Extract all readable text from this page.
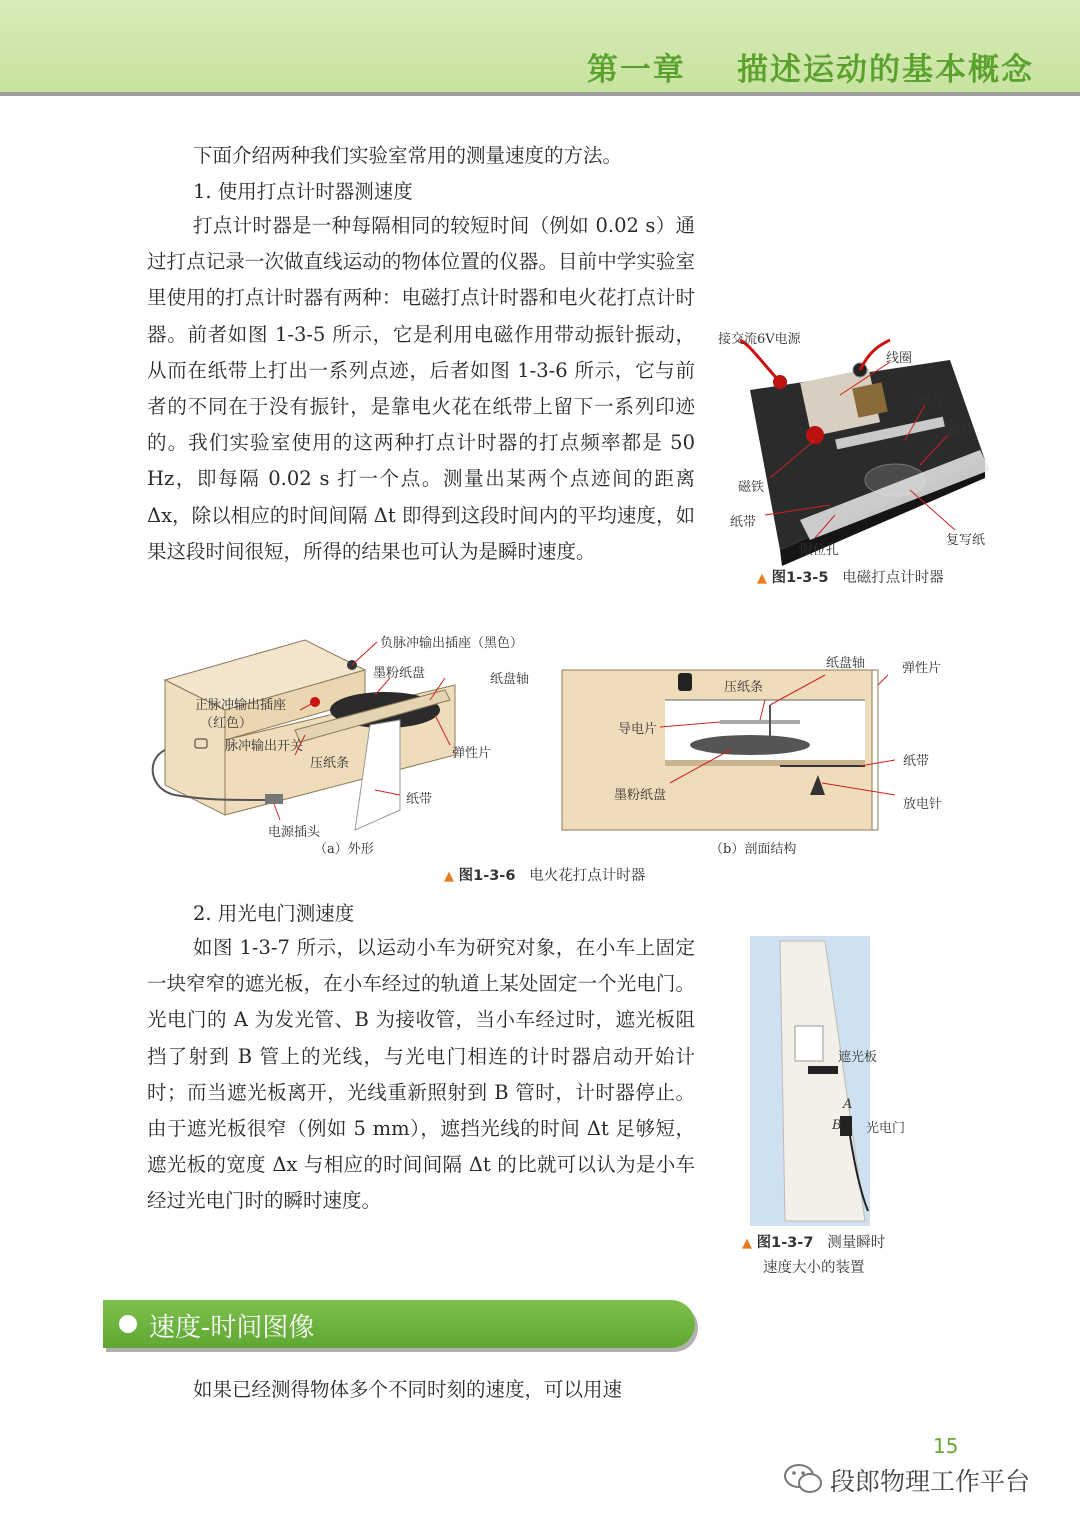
第一章    描述运动的基本概念

下面介绍两种我们实验室常用的测量速度的方法。

1. 使用打点计时器测速度

打点计时器是一种每隔相同的较短时间（例如 0.02 s）通过打点记录一次做直线运动的物体位置的仪器。目前中学实验室里使用的打点计时器有两种：电磁打点计时器和电火花打点计时器。前者如图 1-3-5 所示，它是利用电磁作用带动振针振动，从而在纸带上打出一系列点迹，后者如图 1-3-6 所示，它与前者的不同在于没有振针，是靠电火花在纸带上留下一系列印迹的。我们实验室使用的这两种打点计时器的打点频率都是 50 Hz，即每隔 0.02 s 打一个点。测量出某两个点迹间的距离 Δx，除以相应的时间间隔 Δt 即得到这段时间内的平均速度，如果这段时间很短，所得的结果也可认为是瞬时速度。

接交流6V电源
线圈
振片
振针
磁铁
纸带
限位孔
复写纸
▲ 图1-3-5 电磁打点计时器
负脉冲输出插座（黑色）
墨粉纸盘	纸盘轴
正脉冲输出插座
（红色）
脉冲输出开关
压纸条
弹性片
纸带
电源插头
（a）外形
纸盘轴	弹性片
压纸条
导电片
纸带
墨粉纸盘
放电针
（b）剖面结构
▲ 图1-3-6 电火花打点计时器
2. 用光电门测速度

如图 1-3-7 所示，以运动小车为研究对象，在小车上固定一块窄窄的遮光板，在小车经过的轨道上某处固定一个光电门。光电门的 A 为发光管、B 为接收管，当小车经过时，遮光板阻挡了射到 B 管上的光线，与光电门相连的计时器启动开始计时；而当遮光板离开，光线重新照射到 B 管时，计时器停止。由于遮光板很窄（例如 5 mm），遮挡光线的时间 Δt 足够短，遮光板的宽度 Δx 与相应的时间间隔 Δt 的比就可以认为是小车经过光电门时的瞬时速度。

遮光板
A
B 光电门
▲ 图1-3-7 测量瞬时
速度大小的装置
速度-时间图像

如果已经测得物体多个不同时刻的速度，可以用速

15
段郎物理工作平台
